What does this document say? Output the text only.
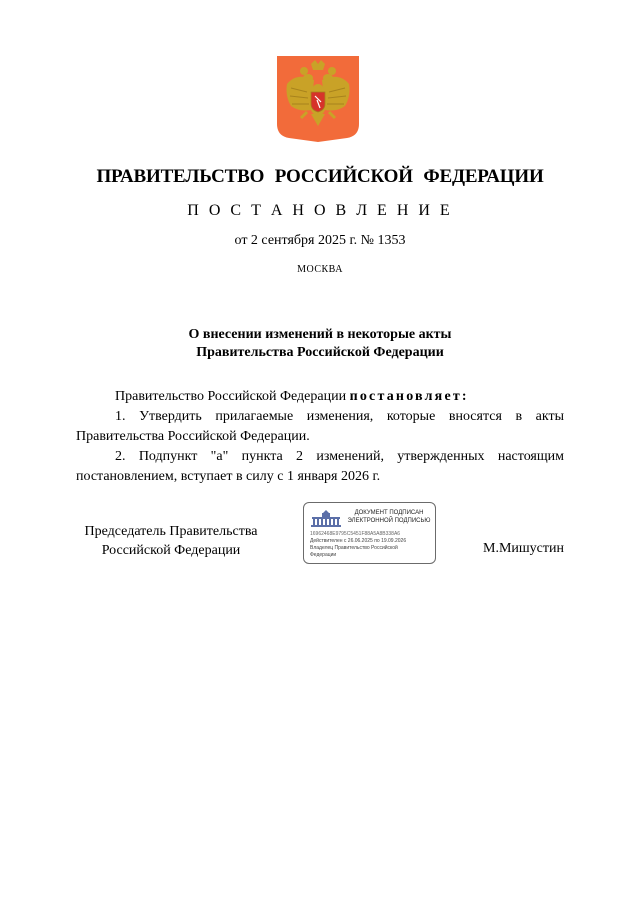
ПРАВИТЕЛЬСТВО РОССИЙСКОЙ ФЕДЕРАЦИИ
П О С Т А Н О В Л Е Н И Е
от 2 сентября 2025 г. № 1353
МОСКВА
О внесении изменений в некоторые акты
Правительства Российской Федерации
Правительство Российской Федерации постановляет:
1. Утвердить прилагаемые изменения, которые вносятся в акты Правительства Российской Федерации.
2. Подпункт "а" пункта 2 изменений, утвержденных настоящим постановлением, вступает в силу с 1 января 2026 г.
Председатель Правительства
Российской Федерации
ДОКУМЕНТ ПОДПИСАН
ЭЛЕКТРОННОЙ ПОДПИСЬЮ
16962468E9795C5451F88A5A8B338A6
Действителен с 26.06.2025 по 19.09.2026
Владелец Правительство Российской
Федерации	М.Мишустин
